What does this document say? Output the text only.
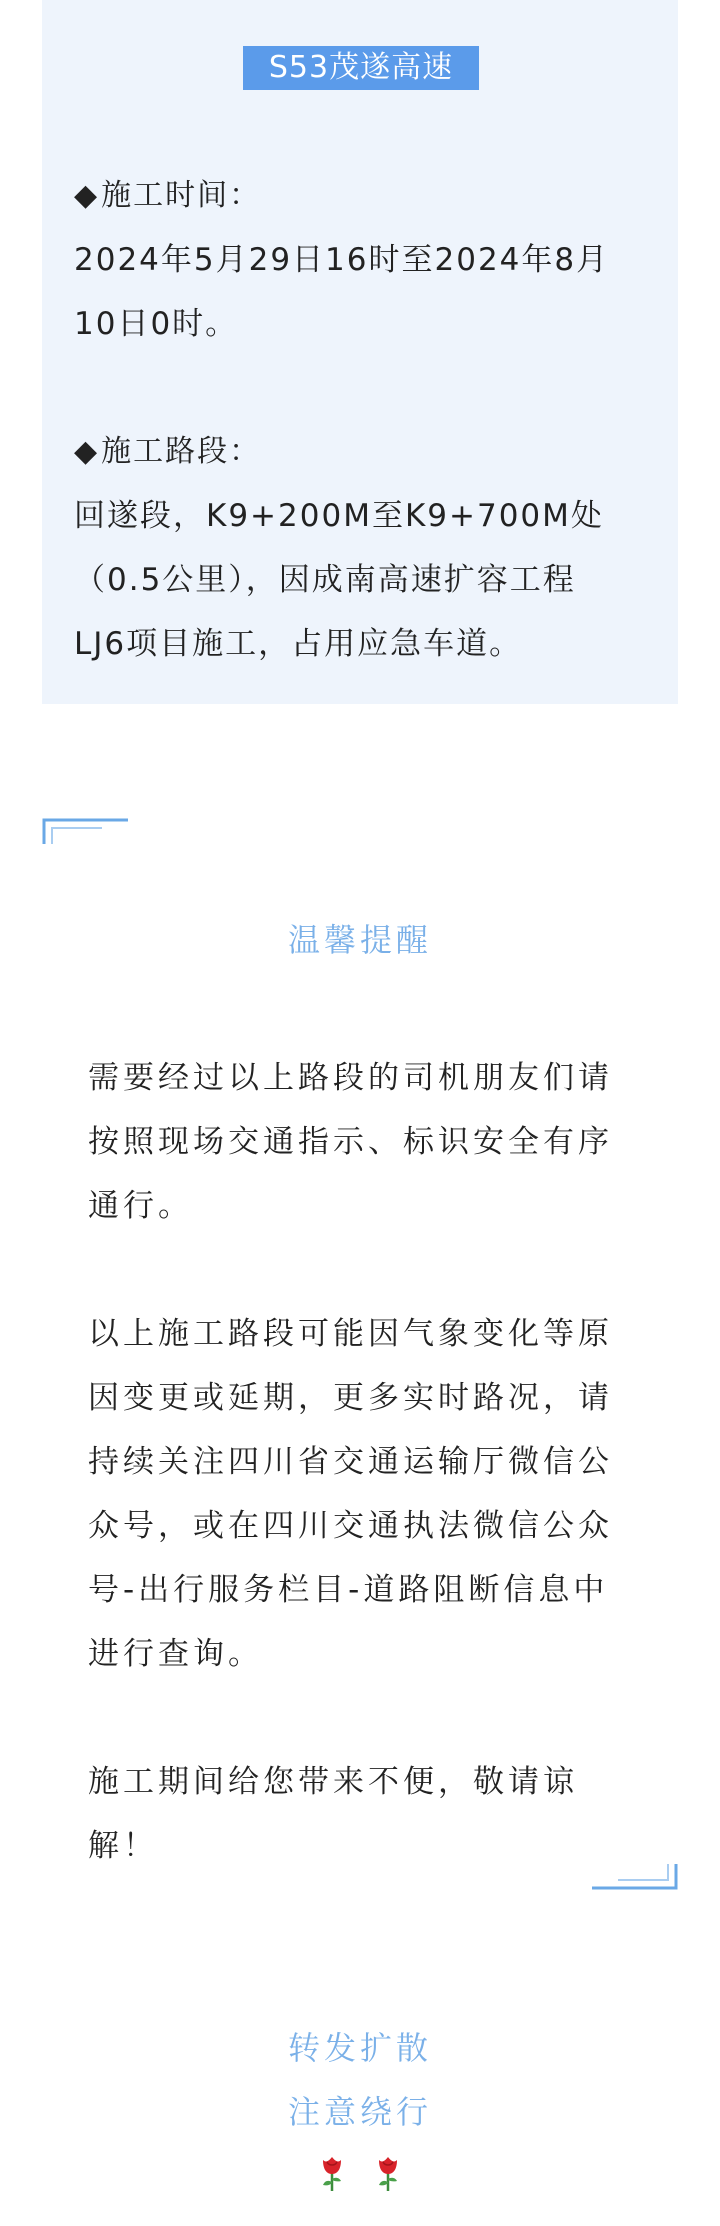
S53茂遂高速
◆施工时间：
2024年5月29日16时至2024年8月
10日0时。
◆施工路段：
回遂段，K9+200M至K9+700M处
（0.5公里），因成南高速扩容工程
LJ6项目施工，占用应急车道。
温馨提醒
需要经过以上路段的司机朋友们请
按照现场交通指示、标识安全有序
通行。
以上施工路段可能因气象变化等原
因变更或延期，更多实时路况，请
持续关注四川省交通运输厅微信公
众号，或在四川交通执法微信公众
号-出行服务栏目-道路阻断信息中
进行查询。
施工期间给您带来不便，敬请谅
解！
转发扩散
注意绕行
